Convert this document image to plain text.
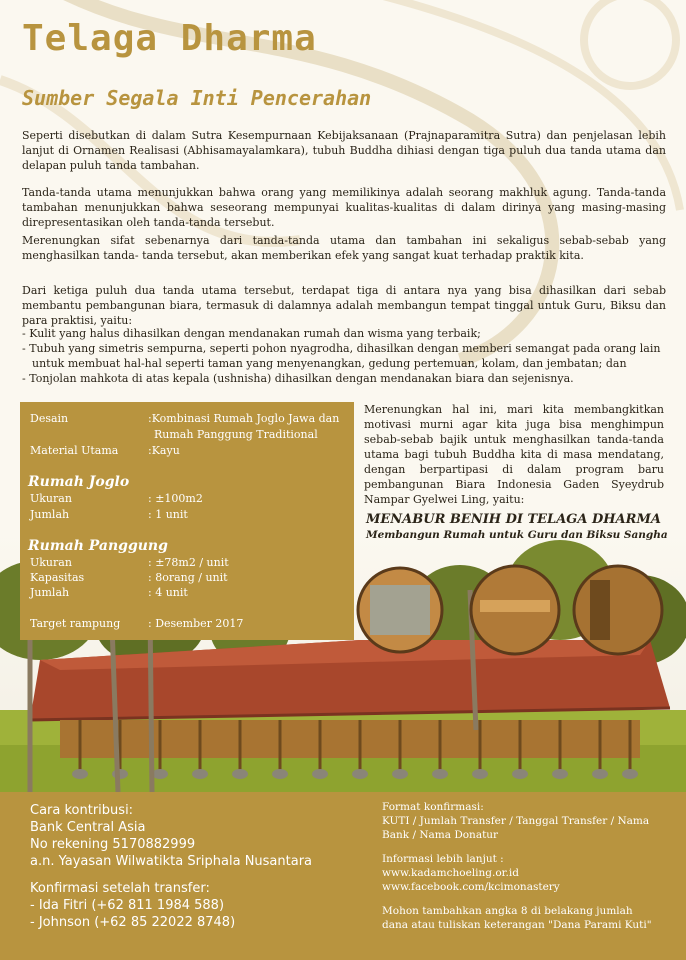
Telaga Dharma
Sumber Segala Inti Pencerahan
Seperti disebutkan di dalam Sutra Kesempurnaan Kebijaksanaan (Prajnaparamitra Sutra) dan penjelasan lebih lanjut di Ornamen Realisasi (Abhisamayalamkara), tubuh Buddha dihiasi dengan tiga puluh dua tanda utama dan delapan puluh tanda tambahan.
Tanda-tanda utama menunjukkan bahwa orang yang memilikinya adalah seorang makhluk agung. Tanda-tanda tambahan menunjukkan bahwa seseorang mempunyai kualitas-kualitas di dalam dirinya yang masing-masing direpresentasikan oleh tanda-tanda tersebut.
Merenungkan sifat sebenarnya dari tanda-tanda utama dan tambahan ini sekaligus sebab-sebab yang menghasilkan tanda- tanda tersebut, akan memberikan efek yang sangat kuat terhadap praktik kita.
Dari ketiga puluh dua tanda utama tersebut, terdapat tiga di antara nya yang bisa dihasilkan dari sebab membantu pembangunan biara, termasuk di dalamnya adalah membangun tempat tinggal untuk Guru, Biksu dan para praktisi, yaitu:
- Kulit yang halus dihasilkan dengan mendanakan rumah dan wisma yang terbaik;
- Tubuh yang simetris sempurna, seperti pohon nyagrodha, dihasilkan dengan memberi semangat pada orang lain
untuk membuat hal-hal seperti taman yang menyenangkan, gedung pertemuan, kolam, dan jembatan; dan
- Tonjolan mahkota di atas kepala (ushnisha) dihasilkan dengan mendanakan biara dan sejenisnya.
Desain	:Kombinasi Rumah Joglo Jawa dan
Rumah Panggung Traditional
Material Utama	:Kayu
Rumah Joglo
Ukuran	: ±100m2
Jumlah	: 1 unit
Rumah Panggung
Ukuran	: ±78m2 / unit
Kapasitas	: 8orang / unit
Jumlah	: 4 unit
Target rampung	: Desember 2017
Merenungkan hal ini, mari kita membangkitkan motivasi murni agar kita juga bisa menghimpun sebab-sebab bajik untuk menghasilkan tanda-tanda utama bagi tubuh Buddha kita di masa mendatang, dengan berpartipasi di dalam program baru pembangunan Biara Indonesia Gaden Syeydrub Nampar Gyelwei Ling, yaitu:
MENABUR BENIH DI TELAGA DHARMA
Membangun Rumah untuk Guru dan Biksu Sangha
Cara kontribusi:
Bank Central Asia
No rekening 5170882999
a.n. Yayasan Wilwatikta Sriphala Nusantara
Konfirmasi setelah transfer:
- Ida Fitri (+62 811 1984 588)
- Johnson (+62 85 22022 8748)
Format konfirmasi:
KUTI / Jumlah Transfer / Tanggal Transfer / Nama
Bank / Nama Donatur
Informasi lebih lanjut :
www.kadamchoeling.or.id
www.facebook.com/kcimonastery
Mohon tambahkan angka 8 di belakang jumlah
dana atau tuliskan keterangan "Dana Parami Kuti"
